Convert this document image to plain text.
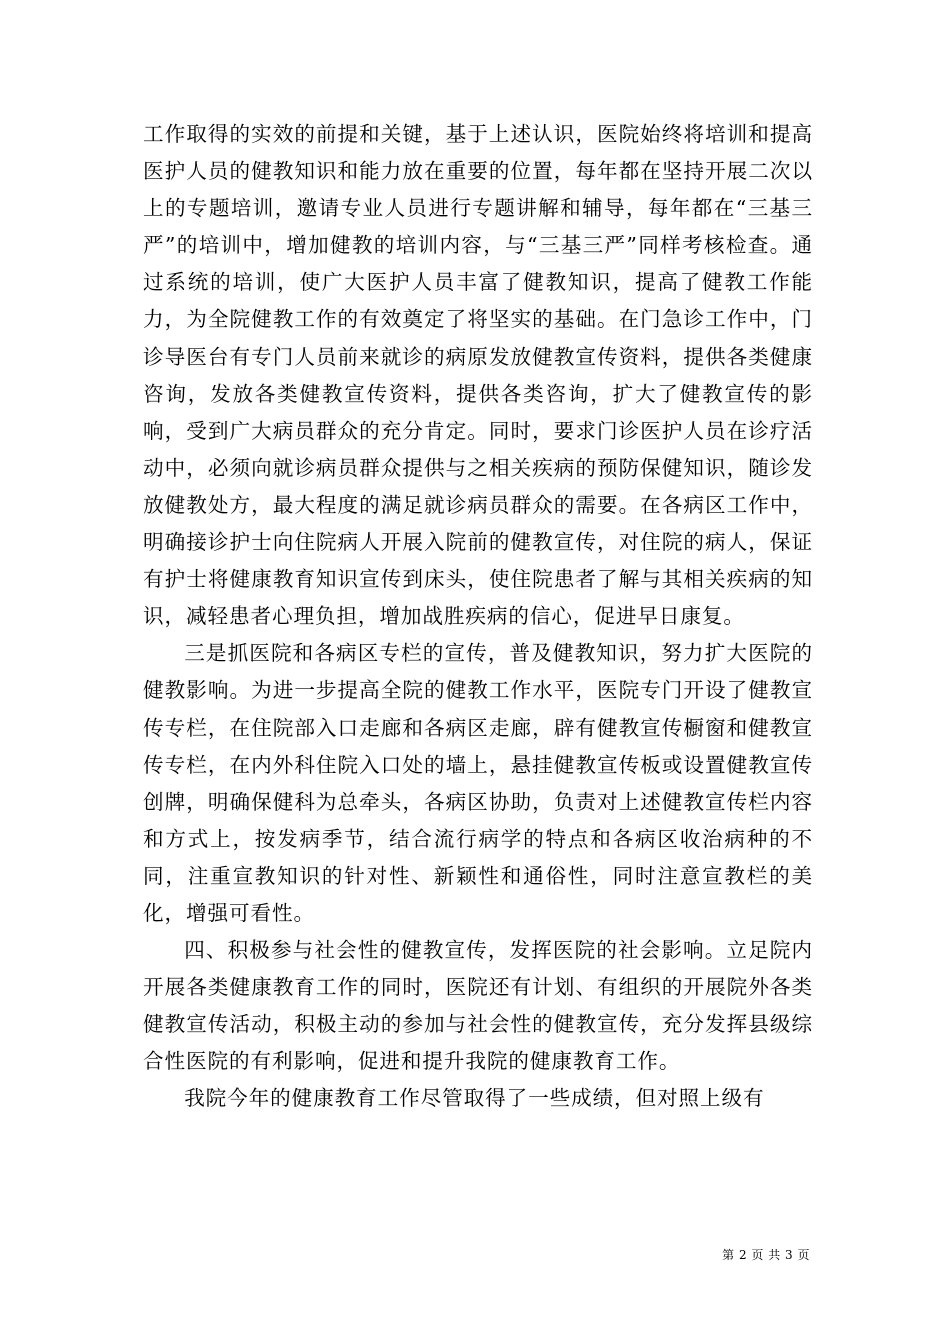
工作取得的实效的前提和关键，基于上述认识，医院始终将培训和提高医护人员的健教知识和能力放在重要的位置，每年都在坚持开展二次以上的专题培训，邀请专业人员进行专题讲解和辅导，每年都在“三基三严”的培训中，增加健教的培训内容，与“三基三严”同样考核检查。通过系统的培训，使广大医护人员丰富了健教知识，提高了健教工作能力，为全院健教工作的有效奠定了将坚实的基础。在门急诊工作中，门诊导医台有专门人员前来就诊的病原发放健教宣传资料，提供各类健康咨询，发放各类健教宣传资料，提供各类咨询，扩大了健教宣传的影响，受到广大病员群众的充分肯定。同时，要求门诊医护人员在诊疗活动中，必须向就诊病员群众提供与之相关疾病的预防保健知识，随诊发放健教处方，最大程度的满足就诊病员群众的需要。在各病区工作中，明确接诊护士向住院病人开展入院前的健教宣传，对住院的病人，保证有护士将健康教育知识宣传到床头，使住院患者了解与其相关疾病的知识，减轻患者心理负担，增加战胜疾病的信心，促进早日康复。

三是抓医院和各病区专栏的宣传，普及健教知识，努力扩大医院的健教影响。为进一步提高全院的健教工作水平，医院专门开设了健教宣传专栏，在住院部入口走廊和各病区走廊，辟有健教宣传橱窗和健教宣传专栏，在内外科住院入口处的墙上，悬挂健教宣传板或设置健教宣传创牌，明确保健科为总牵头，各病区协助，负责对上述健教宣传栏内容和方式上，按发病季节，结合流行病学的特点和各病区收治病种的不同，注重宣教知识的针对性、新颖性和通俗性，同时注意宣教栏的美化，增强可看性。

四、积极参与社会性的健教宣传，发挥医院的社会影响。立足院内开展各类健康教育工作的同时，医院还有计划、有组织的开展院外各类健教宣传活动，积极主动的参加与社会性的健教宣传，充分发挥县级综合性医院的有利影响，促进和提升我院的健康教育工作。

我院今年的健康教育工作尽管取得了一些成绩，但对照上级有

第 2 页 共 3 页
